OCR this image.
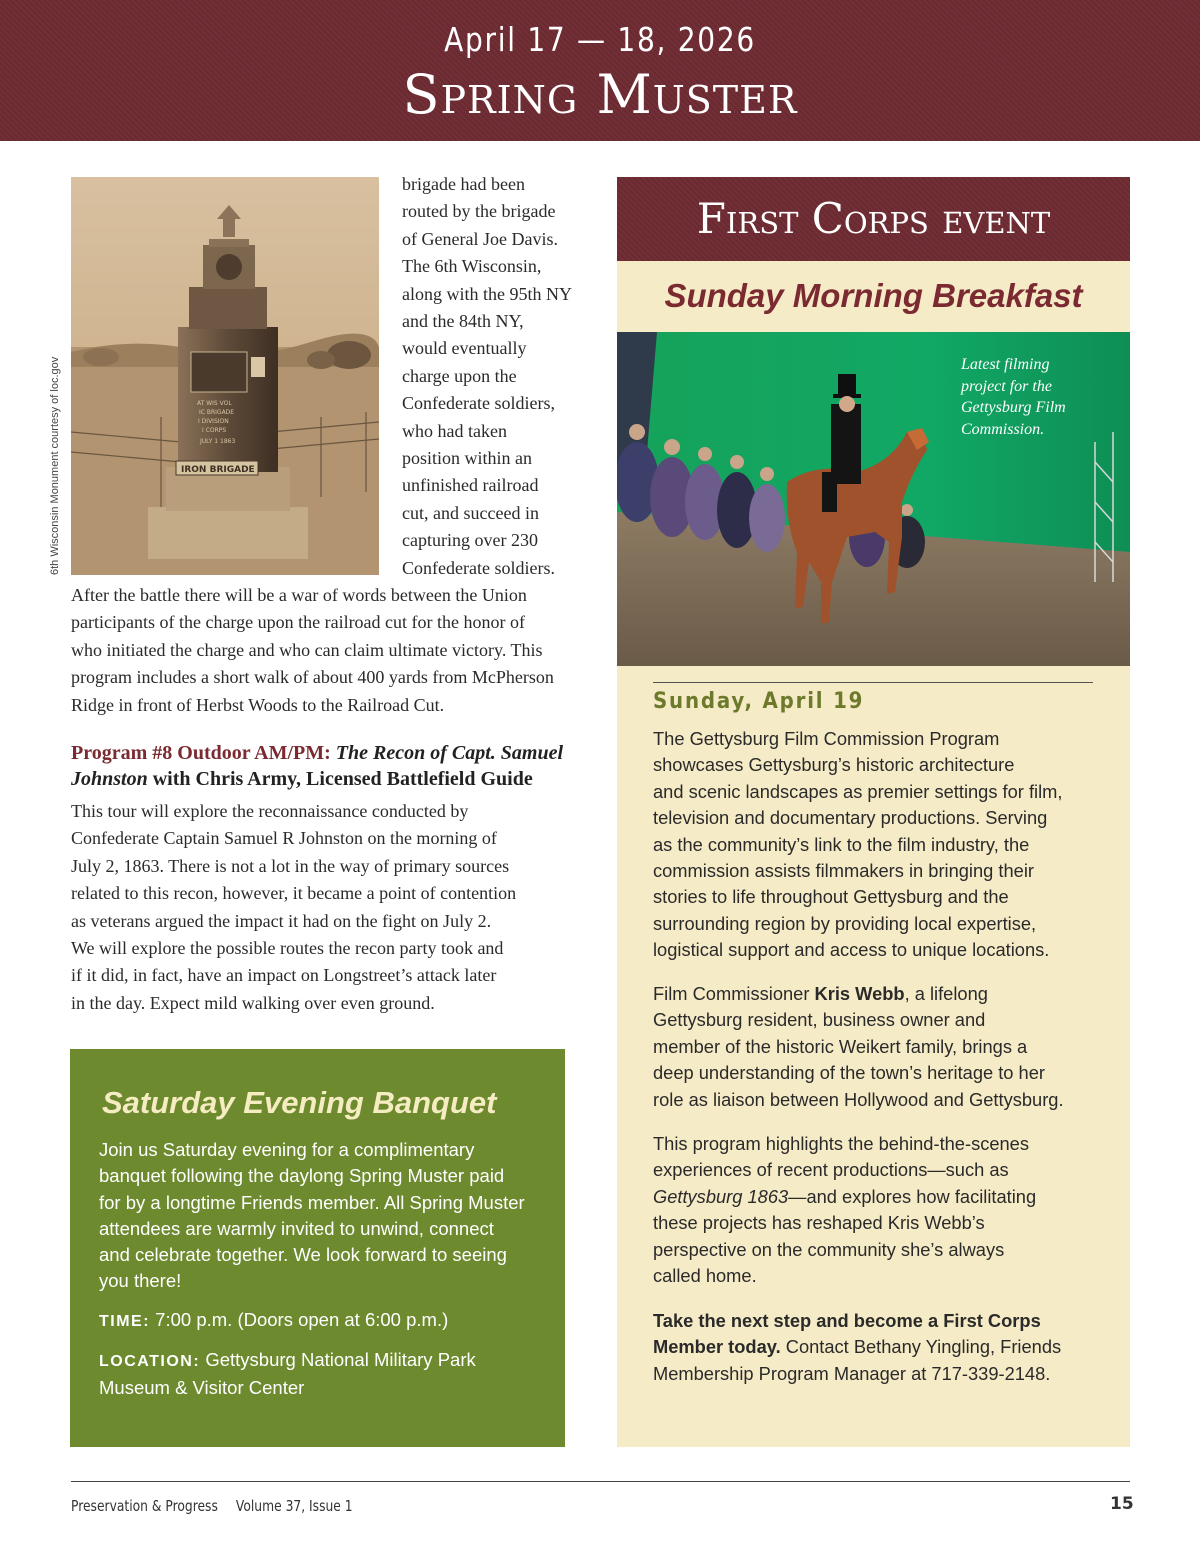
April 17 — 18, 2026
Spring Muster
AT WIS VOL
IC BRIGADE
I DIVISION
I CORPS
JULY 1 1863
IRON BRIGADE
6th Wisconsin Monument courtesy of loc.gov
brigade had been
routed by the brigade
of General Joe Davis.
The 6th Wisconsin,
along with the 95th NY
and the 84th NY,
would eventually
charge upon the
Confederate soldiers,
who had taken
position within an
unfinished railroad
cut, and succeed in
capturing over 230
Confederate soldiers.
After the battle there will be a war of words between the Union
participants of the charge upon the railroad cut for the honor of
who initiated the charge and who can claim ultimate victory. This
program includes a short walk of about 400 yards from McPherson
Ridge in front of Herbst Woods to the Railroad Cut.
Program #8 Outdoor AM/PM: The Recon of Capt. Samuel
Johnston with Chris Army, Licensed Battlefield Guide
This tour will explore the reconnaissance conducted by
Confederate Captain Samuel R Johnston on the morning of
July 2, 1863. There is not a lot in the way of primary sources
related to this recon, however, it became a point of contention
as veterans argued the impact it had on the fight on July 2.
We will explore the possible routes the recon party took and
if it did, in fact, have an impact on Longstreet’s attack later
in the day. Expect mild walking over even ground.
Saturday Evening Banquet
Join us Saturday evening for a complimentary
banquet following the daylong Spring Muster paid
for by a longtime Friends member. All Spring Muster
attendees are warmly invited to unwind, connect
and celebrate together. We look forward to seeing
you there!
TIME: 7:00 p.m. (Doors open at 6:00 p.m.)
LOCATION: Gettysburg National Military Park
Museum & Visitor Center
First Corps event
Sunday Morning Breakfast
Latest filming
project for the
Gettysburg Film
Commission.
Sunday, April 19
The Gettysburg Film Commission Program
showcases Gettysburg’s historic architecture
and scenic landscapes as premier settings for film,
television and documentary productions. Serving
as the community’s link to the film industry, the
commission assists filmmakers in bringing their
stories to life throughout Gettysburg and the
surrounding region by providing local expertise,
logistical support and access to unique locations.
Film Commissioner Kris Webb, a lifelong
Gettysburg resident, business owner and
member of the historic Weikert family, brings a
deep understanding of the town’s heritage to her
role as liaison between Hollywood and Gettysburg.
This program highlights the behind-the-scenes
experiences of recent productions—such as
Gettysburg 1863—and explores how facilitating
these projects has reshaped Kris Webb’s
perspective on the community she’s always
called home.
Take the next step and become a First Corps
Member today. Contact Bethany Yingling, Friends
Membership Program Manager at 717-339-2148.
Preservation & Progress Volume 37, Issue 1	15
